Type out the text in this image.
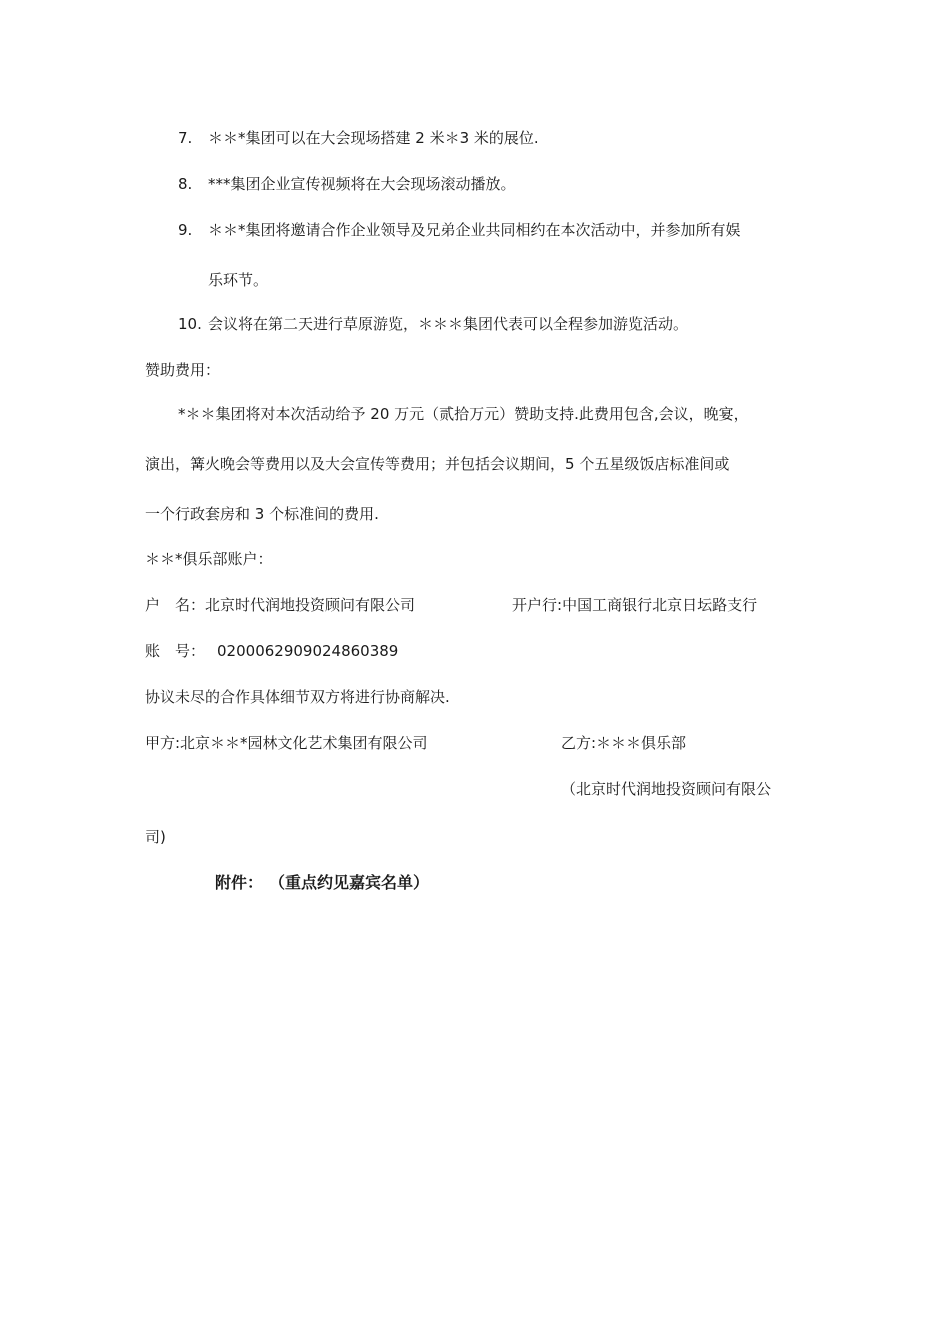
7. ＊＊*集团可以在大会现场搭建 2 米＊3 米的展位.
8. ***集团企业宣传视频将在大会现场滚动播放。
9. ＊＊*集团将邀请合作企业领导及兄弟企业共同相约在本次活动中，并参加所有娱
乐环节。
10. 会议将在第二天进行草原游览，＊＊＊集团代表可以全程参加游览活动。
赞助费用：
*＊＊集团将对本次活动给予 20 万元（贰拾万元）赞助支持.此费用包含,会议，晚宴，
演出，篝火晚会等费用以及大会宣传等费用；并包括会议期间，5 个五星级饭店标准间或
一个行政套房和 3 个标准间的费用.
＊＊*俱乐部账户：
户　名：北京时代润地投资顾问有限公司	开户行:中国工商银行北京日坛路支行
账　号： 0200062909024860389
协议未尽的合作具体细节双方将进行协商解决.
甲方:北京＊＊*园林文化艺术集团有限公司	乙方:＊＊＊俱乐部
（北京时代润地投资顾问有限公
司)
附件： （重点约见嘉宾名单）
